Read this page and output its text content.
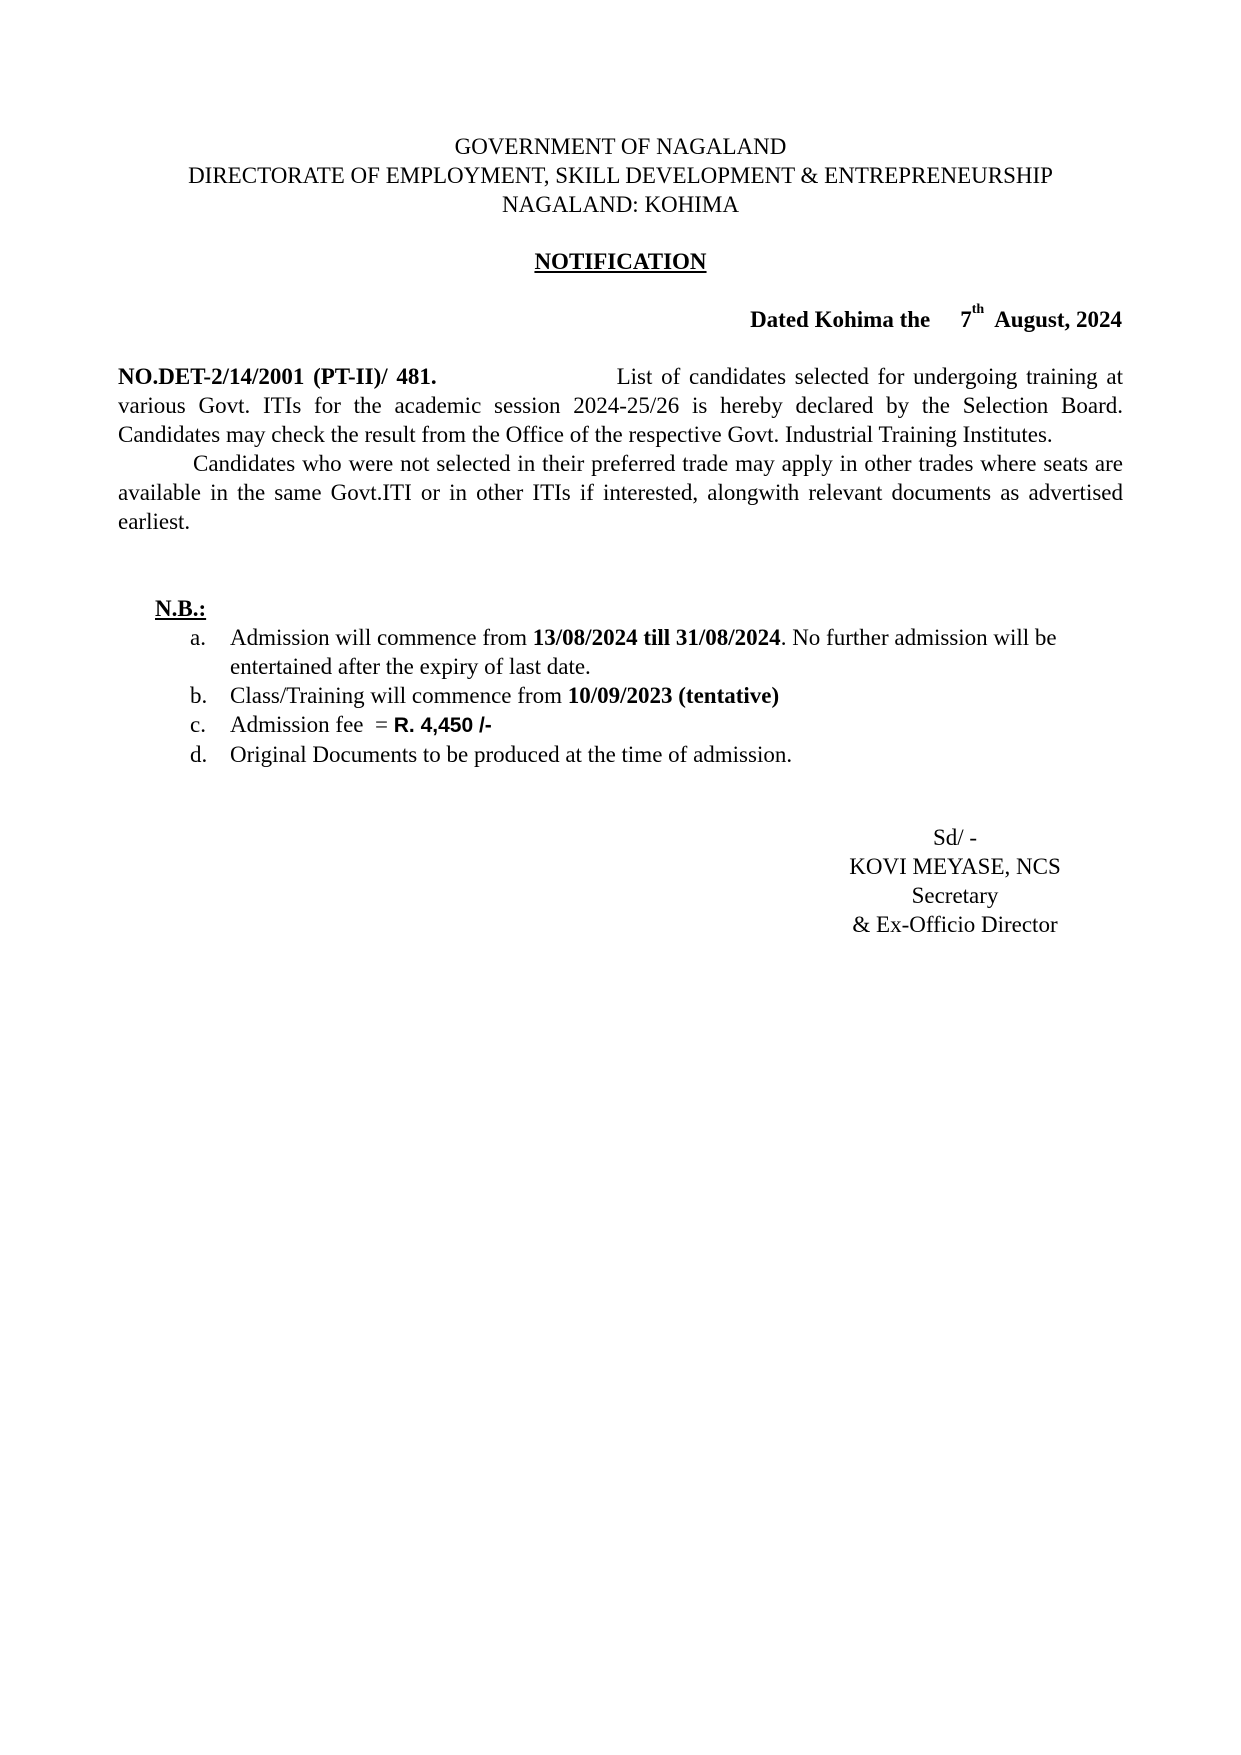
GOVERNMENT OF NAGALAND
DIRECTORATE OF EMPLOYMENT, SKILL DEVELOPMENT & ENTREPRENEURSHIP
NAGALAND: KOHIMA
NOTIFICATION
Dated Kohima the 7th August, 2024

NO.DET-2/14/2001 (PT-II)/ 481.	List of candidates selected for undergoing training at various Govt. ITIs for the academic session 2024-25/26 is hereby declared by the Selection Board. Candidates may check the result from the Office of the respective Govt. Industrial Training Institutes.

Candidates who were not selected in their preferred trade may apply in other trades where seats are available in the same Govt.ITI or in other ITIs if interested, alongwith relevant documents as advertised earliest.

N.B.:
a.	Admission will commence from 13/08/2024 till 31/08/2024. No further admission will be entertained after the expiry of last date.
b. Class/Training will commence from 10/09/2023 (tentative)
c.	Admission fee  = R. 4,450 /-
d. Original Documents to be produced at the time of admission.
Sd/ -
KOVI MEYASE, NCS
Secretary
& Ex-Officio Director
